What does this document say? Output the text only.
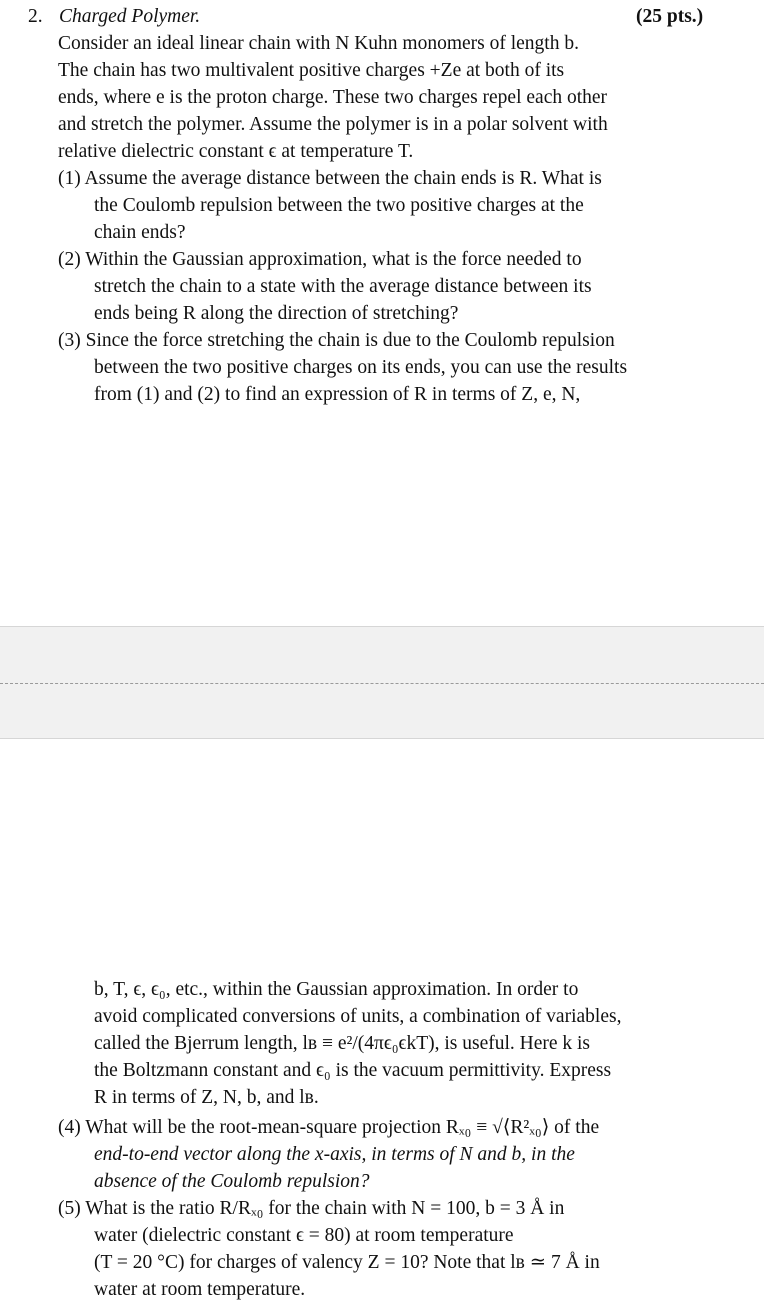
2. Charged Polymer.	(25 pts.)
Consider an ideal linear chain with N Kuhn monomers of length b.
The chain has two multivalent positive charges +Ze at both of its
ends, where e is the proton charge. These two charges repel each other
and stretch the polymer. Assume the polymer is in a polar solvent with
relative dielectric constant ϵ at temperature T.
(1) Assume the average distance between the chain ends is R. What is
the Coulomb repulsion between the two positive charges at the
chain ends?
(2) Within the Gaussian approximation, what is the force needed to
stretch the chain to a state with the average distance between its
ends being R along the direction of stretching?
(3) Since the force stretching the chain is due to the Coulomb repulsion
between the two positive charges on its ends, you can use the results
from (1) and (2) to find an expression of R in terms of Z, e, N,
b, T, ϵ, ϵ₀, etc., within the Gaussian approximation. In order to
avoid complicated conversions of units, a combination of variables,
called the Bjerrum length, lʙ ≡ e²/(4πϵ₀ϵkT), is useful. Here k is
the Boltzmann constant and ϵ₀ is the vacuum permittivity. Express
R in terms of Z, N, b, and lʙ.
(4) What will be the root-mean-square projection Rₓ₀ ≡ √⟨R²ₓ₀⟩ of the
end-to-end vector along the x-axis, in terms of N and b, in the
absence of the Coulomb repulsion?
(5) What is the ratio R/Rₓ₀ for the chain with N = 100, b = 3 Å in
water (dielectric constant ϵ = 80) at room temperature
(T = 20 °C) for charges of valency Z = 10? Note that lʙ ≃ 7 Å in
water at room temperature.
